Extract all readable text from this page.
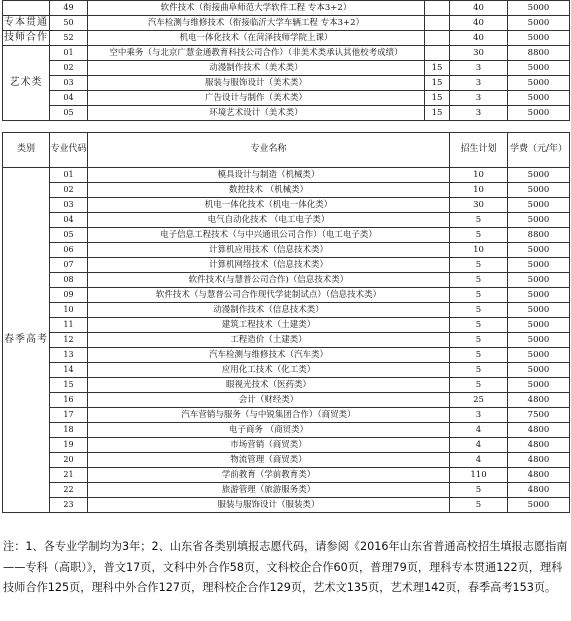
	49	软件技术（衔接曲阜师范大学软件工程 专本3+2）		40	5000
专本贯通	50	汽车检测与维修技术（衔接临沂大学车辆工程 专本3+2）		40	5000
技师合作	52	机电一体化技术（在菏泽技师学院上课）		40	5000
艺术类	01	空中乘务（与北京广慧金通教育科技公司合作）（非美术类承认其他校考成绩）		30	8800
	02	动漫制作技术（美术类）	15	3	5000
	03	服装与服饰设计（美术类）	15	3	5000
	04	广告设计与制作（美术类）	15	3	5000
	05	环境艺术设计（美术类）	15	3	5000
类别	专业代码	专业名称	招生计划	学费（元/年）
春季高考	01	模具设计与制造（机械类）	10	5000
	02	数控技术 （机械类）	10	5000
	03	机电一体化技术（机电一体化类）	30	5000
	04	电气自动化技术 （电工电子类）	5	5000
	05	电子信息工程技术（与中兴通讯公司合作）（电工电子类）	5	8800
	06	计算机应用技术（信息技术类）	10	5000
	07	计算机网络技术（信息技术类）	5	5000
	08	软件技术(与慧普公司合作)（信息技术类）	5	5000
	09	软件技术（与慧普公司合作现代学徒制试点）（信息技术类）	5	5000
	10	动漫制作技术（信息技术类）	5	5000
	11	建筑工程技术（土建类）	5	5000
	12	工程造价（土建类）	5	5000
	13	汽车检测与维修技术（汽车类）	5	5000
	14	应用化工技术（化工类）	5	5000
	15	眼视光技术（医药类）	5	5000
	16	会计（财经类）	25	4800
	17	汽车营销与服务（与中锐集团合作）（商贸类）	3	7500
	18	电子商务 （商贸类）	4	4800
	19	市场营销（商贸类）	4	4800
	20	物流管理（商贸类）	4	4800
	21	学前教育（学前教育类）	110	4800
	22	旅游管理（旅游服务类）	5	4800
	23	服装与服饰设计（服装类）	5	5000
注：1、各专业学制均为3年；2、山东省各类别填报志愿代码，请参阅《2016年山东省普通高校招生填报志愿指南——专科（高职）》，普文17页，文科中外合作58页，文科校企合作60页，普理79页，理科专本贯通122页，理科技师合作125页，理科中外合作127页，理科校企合作129页，艺术文135页，艺术理142页，春季高考153页。
